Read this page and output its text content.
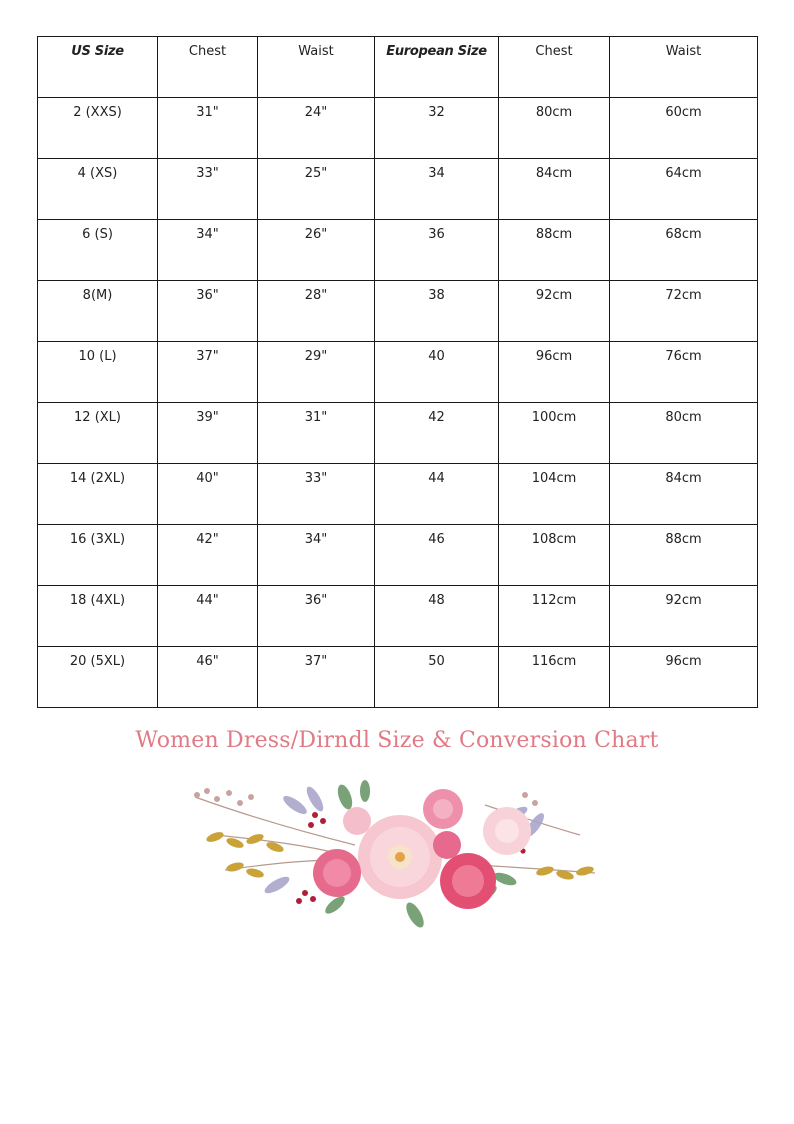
US Size	Chest	Waist	European Size	Chest	Waist

2 (XXS)	31"	24"	32	80cm	60cm

4 (XS)	33"	25"	34	84cm	64cm

6 (S)	34"	26"	36	88cm	68cm

8(M)	36"	28"	38	92cm	72cm

10 (L)	37"	29"	40	96cm	76cm

12 (XL)	39"	31"	42	100cm	80cm

14 (2XL)	40"	33"	44	104cm	84cm

16 (3XL)	42"	34"	46	108cm	88cm

18 (4XL)	44"	36"	48	112cm	92cm

20 (5XL)	46"	37"	50	116cm	96cm
Women Dress/Dirndl Size & Conversion Chart
